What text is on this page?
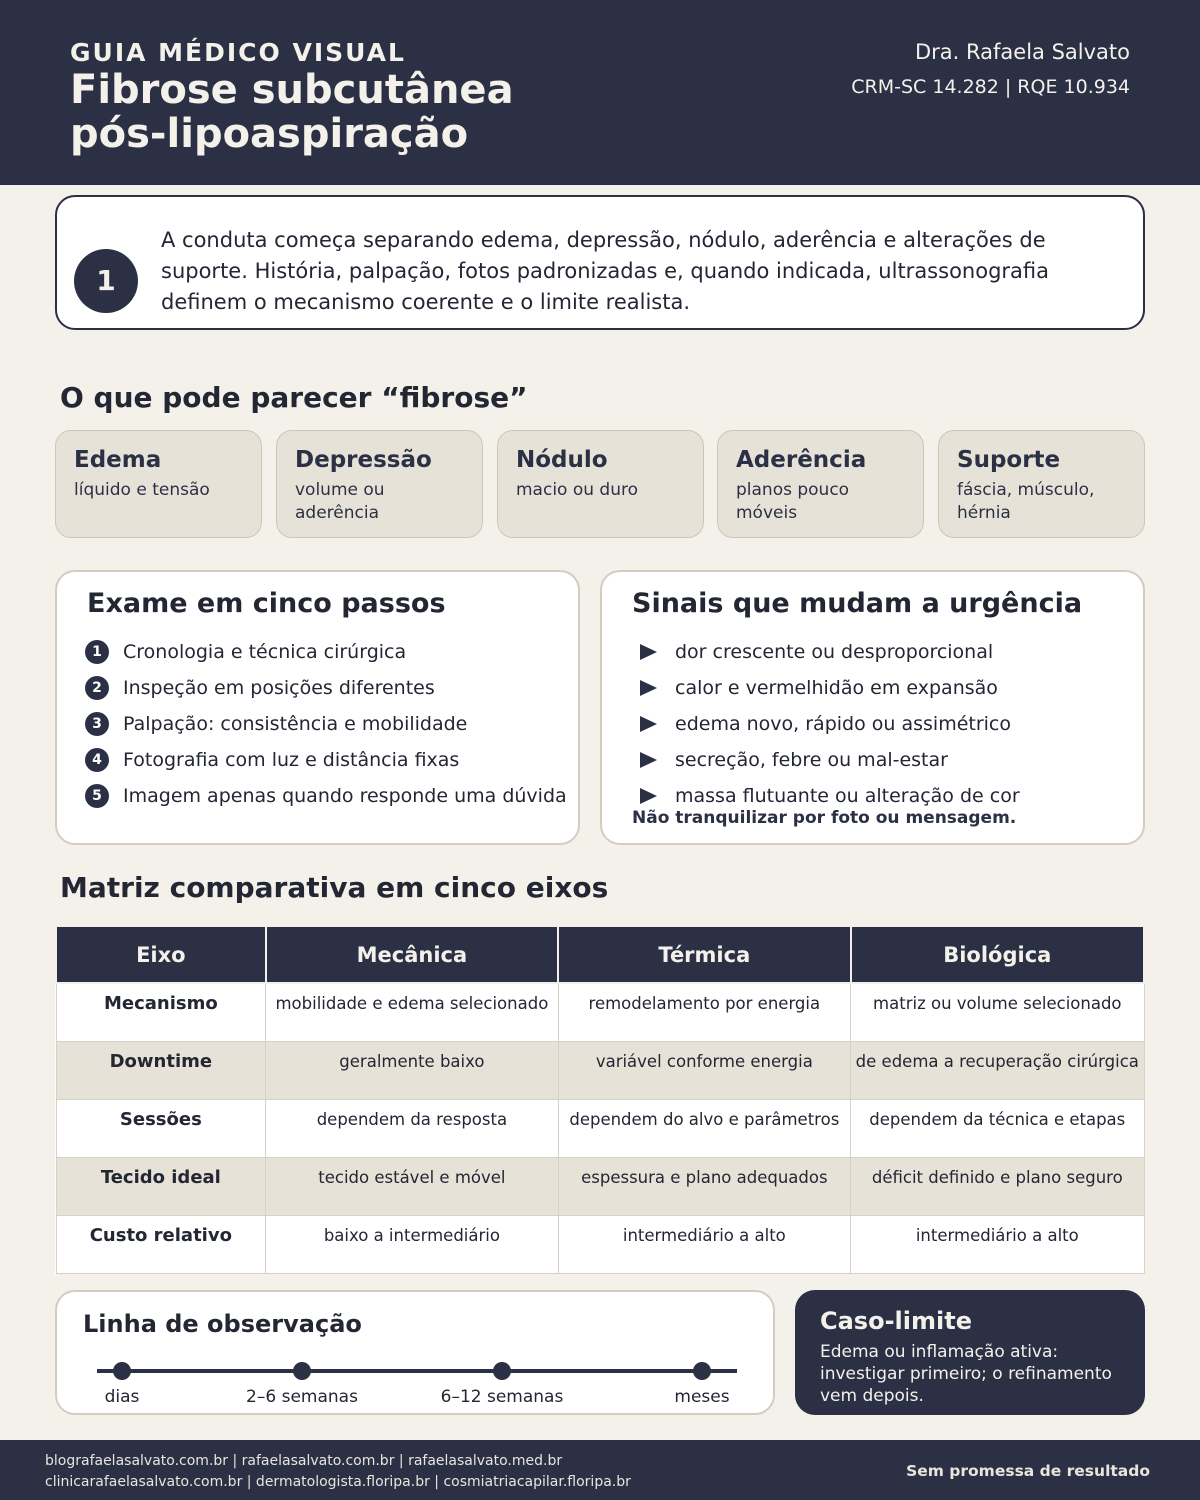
GUIA MÉDICO VISUAL
Fibrose subcutânea
pós-lipoaspiração
Dra. Rafaela Salvato
CRM-SC 14.282 | RQE 10.934
1
A conduta começa separando edema, depressão, nódulo, aderência e alterações de suporte. História, palpação, fotos padronizadas e, quando indicada, ultrassonografia definem o mecanismo coerente e o limite realista.
O que pode parecer “fibrose”
Edema
líquido e tensão
Depressão
volume ou aderência
Nódulo
macio ou duro
Aderência
planos pouco móveis
Suporte
fáscia, músculo, hérnia
Exame em cinco passos
1	Cronologia e técnica cirúrgica
2	Inspeção em posições diferentes
3	Palpação: consistência e mobilidade
4	Fotografia com luz e distância fixas
5	Imagem apenas quando responde uma dúvida
Sinais que mudam a urgência
dor crescente ou desproporcional
calor e vermelhidão em expansão
edema novo, rápido ou assimétrico
secreção, febre ou mal-estar
massa flutuante ou alteração de cor
Não tranquilizar por foto ou mensagem.
Matriz comparativa em cinco eixos
Eixo	Mecânica	Térmica	Biológica
Mecanismo	mobilidade e edema selecionado	remodelamento por energia	matriz ou volume selecionado
Downtime	geralmente baixo	variável conforme energia	de edema a recuperação cirúrgica
Sessões	dependem da resposta	dependem do alvo e parâmetros	dependem da técnica e etapas
Tecido ideal	tecido estável e móvel	espessura e plano adequados	déficit definido e plano seguro
Custo relativo	baixo a intermediário	intermediário a alto	intermediário a alto
Linha de observação
dias	2–6 semanas	6–12 semanas	meses
Caso-limite
Edema ou inflamação ativa: investigar primeiro; o refinamento vem depois.
blografaelasalvato.com.br | rafaelasalvato.com.br | rafaelasalvato.med.br
clinicarafaelasalvato.com.br | dermatologista.floripa.br | cosmiatriacapilar.floripa.br
Sem promessa de resultado
